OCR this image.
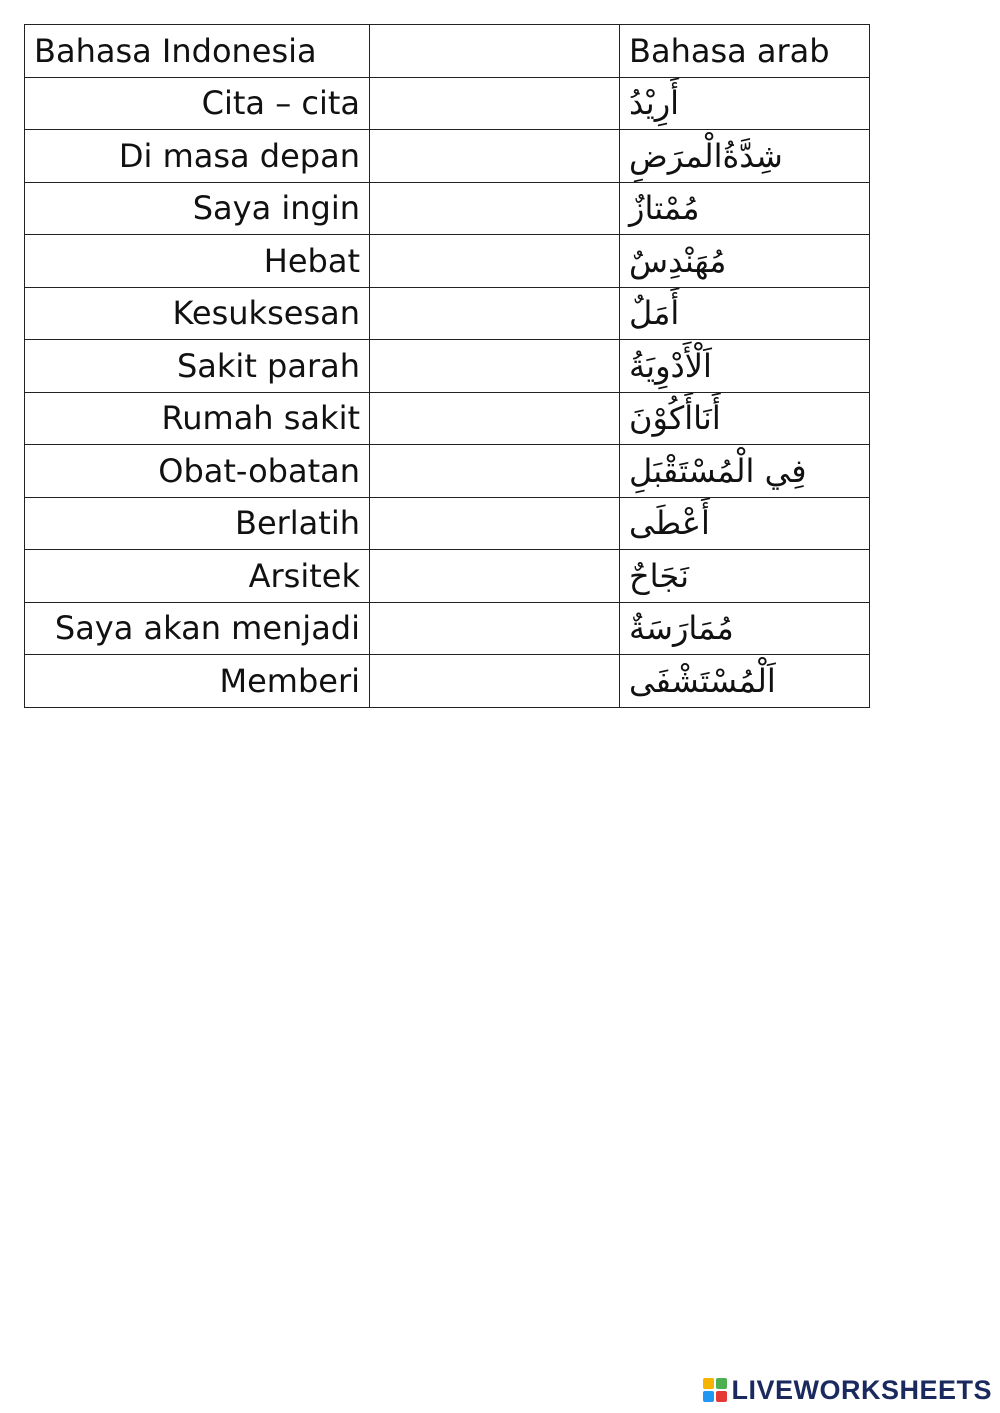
Bahasa Indonesia		Bahasa arab
Cita – cita		أَرِيْدُ
Di masa depan		شِدَّةُالْمرَضِ
Saya ingin		مُمْتازٌ
Hebat		مُهَنْدِسٌ
Kesuksesan		أَمَلٌ
Sakit parah		اَلْأَدْوِيَةُ
Rumah sakit		أَنَاأَكُوْنَ
Obat-obatan		فِي الْمُسْتَقْبَلِ
Berlatih		أَعْطَى
Arsitek		نَجَاحٌ
Saya akan menjadi		مُمَارَسَةٌ
Memberi		اَلْمُسْتَشْفَى
LIVEWORKSHEETS
